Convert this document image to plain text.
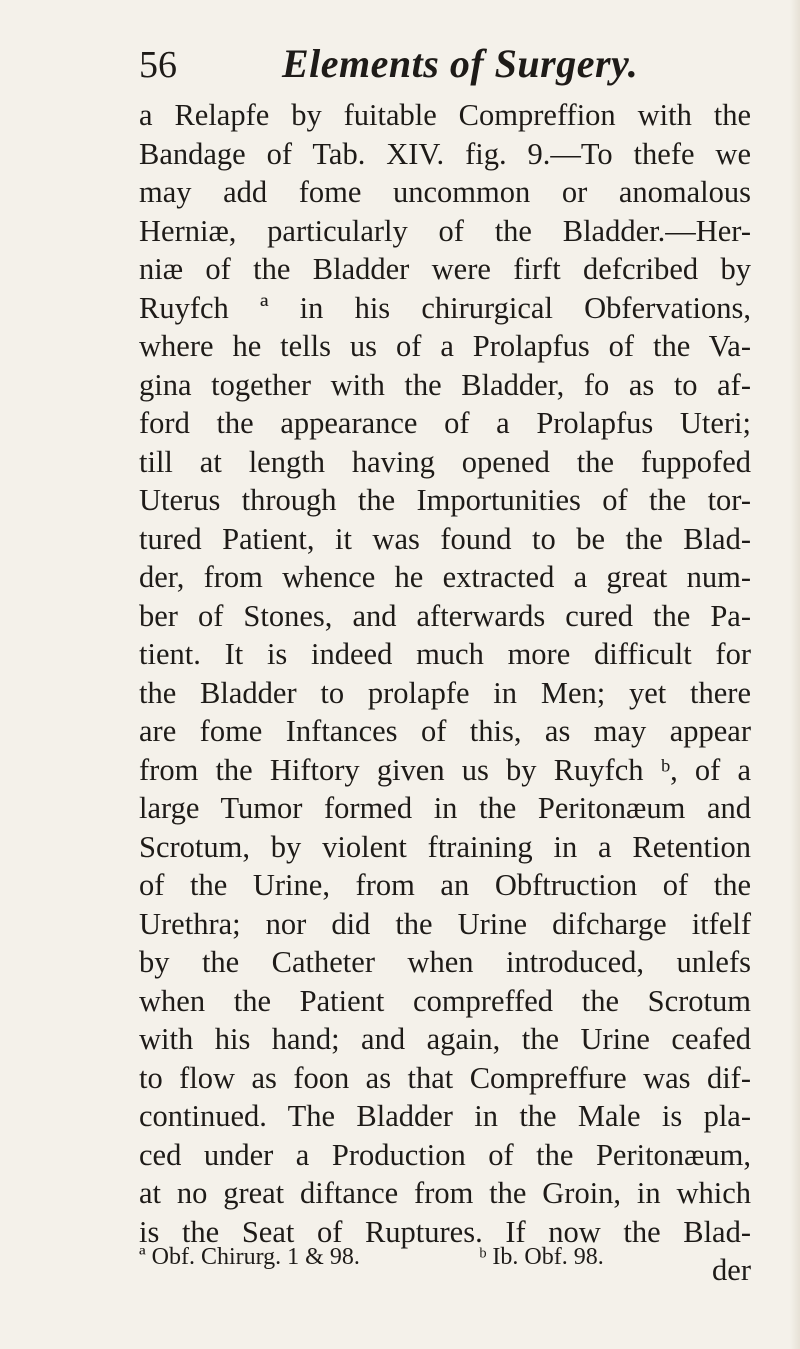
56	Elements of Surgery.
a Relapfe by fuitable Compreffion with the
Bandage of Tab. XIV. fig. 9.—To thefe we
may add fome uncommon or anomalous
Herniæ, particularly of the Bladder.—Her-
niæ of the Bladder were firft defcribed by
Ruyfch ª in his chirurgical Obfervations,
where he tells us of a Prolapfus of the Va-
gina together with the Bladder, fo as to af-
ford the appearance of a Prolapfus Uteri;
till at length having opened the fuppofed
Uterus through the Importunities of the tor-
tured Patient, it was found to be the Blad-
der, from whence he extracted a great num-
ber of Stones, and afterwards cured the Pa-
tient. It is indeed much more difficult for
the Bladder to prolapfe in Men; yet there
are fome Inftances of this, as may appear
from the Hiftory given us by Ruyfch ᵇ, of a
large Tumor formed in the Peritonæum and
Scrotum, by violent ftraining in a Retention
of the Urine, from an Obftruction of the
Urethra; nor did the Urine difcharge itfelf
by the Catheter when introduced, unlefs
when the Patient compreffed the Scrotum
with his hand; and again, the Urine ceafed
to flow as foon as that Compreffure was dif-
continued. The Bladder in the Male is pla-
ced under a Production of the Peritonæum,
at no great diftance from the Groin, in which
is the Seat of Ruptures. If now the Blad-
der
ª Obf. Chirurg. 1 & 98.	ᵇ Ib. Obf. 98.
